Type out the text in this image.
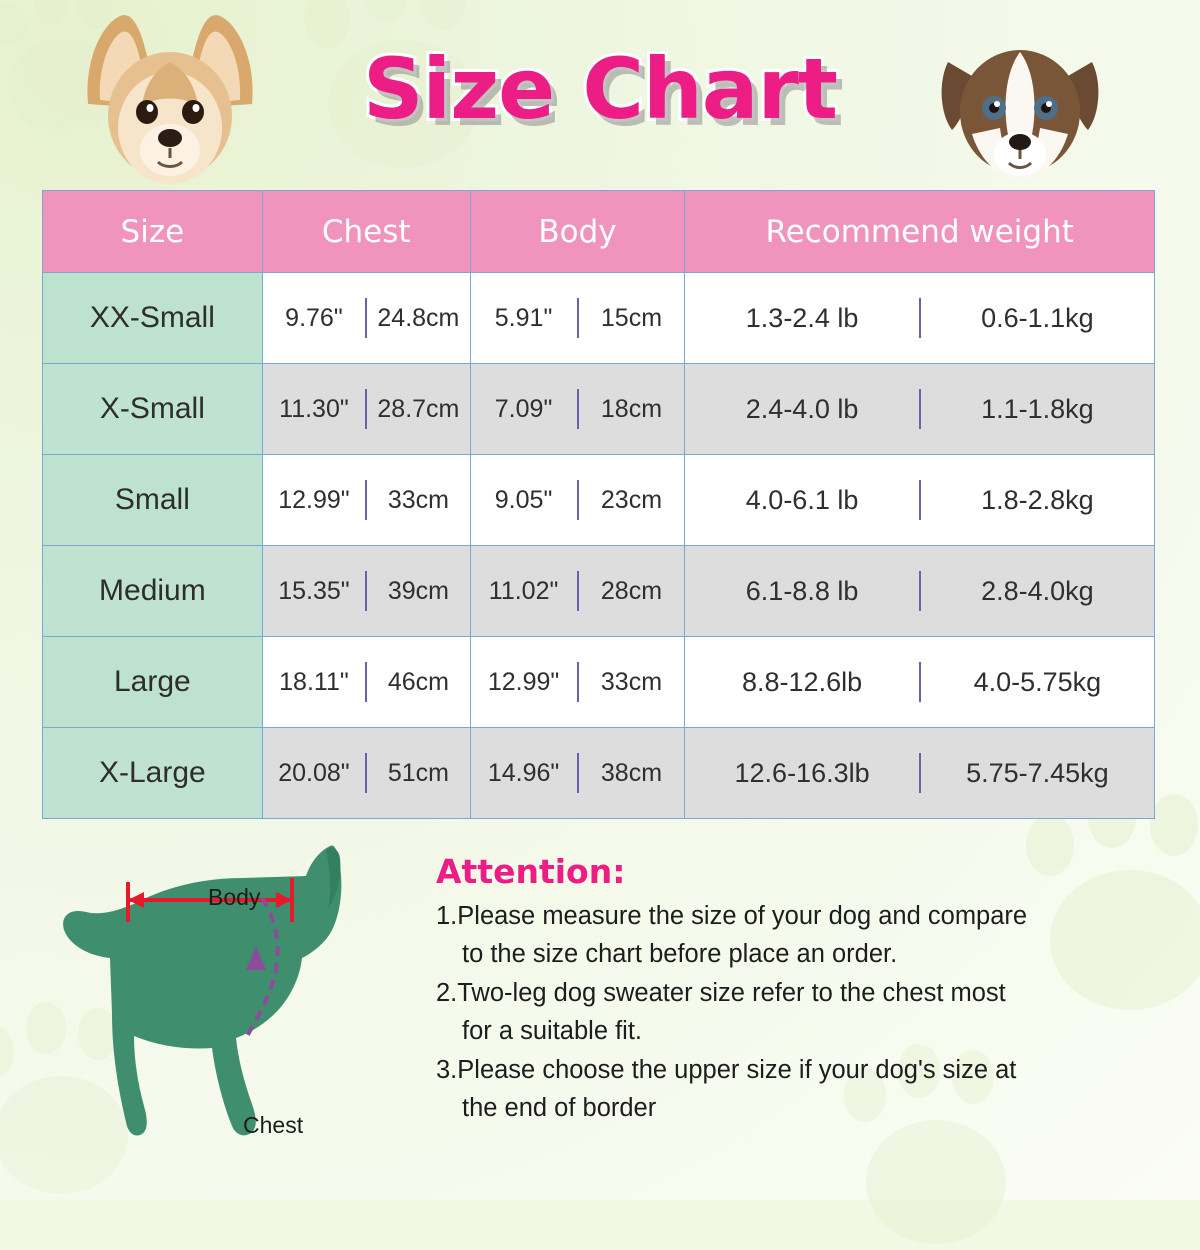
Size Chart
Size	Chest	Body	Recommend weight
XX-Small	9.76" 24.8cm	5.91" 15cm	1.3-2.4 lb 0.6-1.1kg

X-Small	11.30" 28.7cm	7.09" 18cm	2.4-4.0 lb 1.1-1.8kg

Small	12.99" 33cm	9.05" 23cm	4.0-6.1 lb 1.8-2.8kg

Medium	15.35" 39cm	11.02" 28cm	6.1-8.8 lb 2.8-4.0kg

Large	18.11" 46cm	12.99" 33cm	8.8-12.6lb 4.0-5.75kg

X-Large	20.08" 51cm	14.96" 38cm	12.6-16.3lb 5.75-7.45kg
Body
Chest
Attention:
1.Please measure the size of your dog and compare
to the size chart before place an order.
2.Two-leg dog sweater size refer to the chest most
for a suitable fit.
3.Please choose the upper size if your dog's size at
the end of border
